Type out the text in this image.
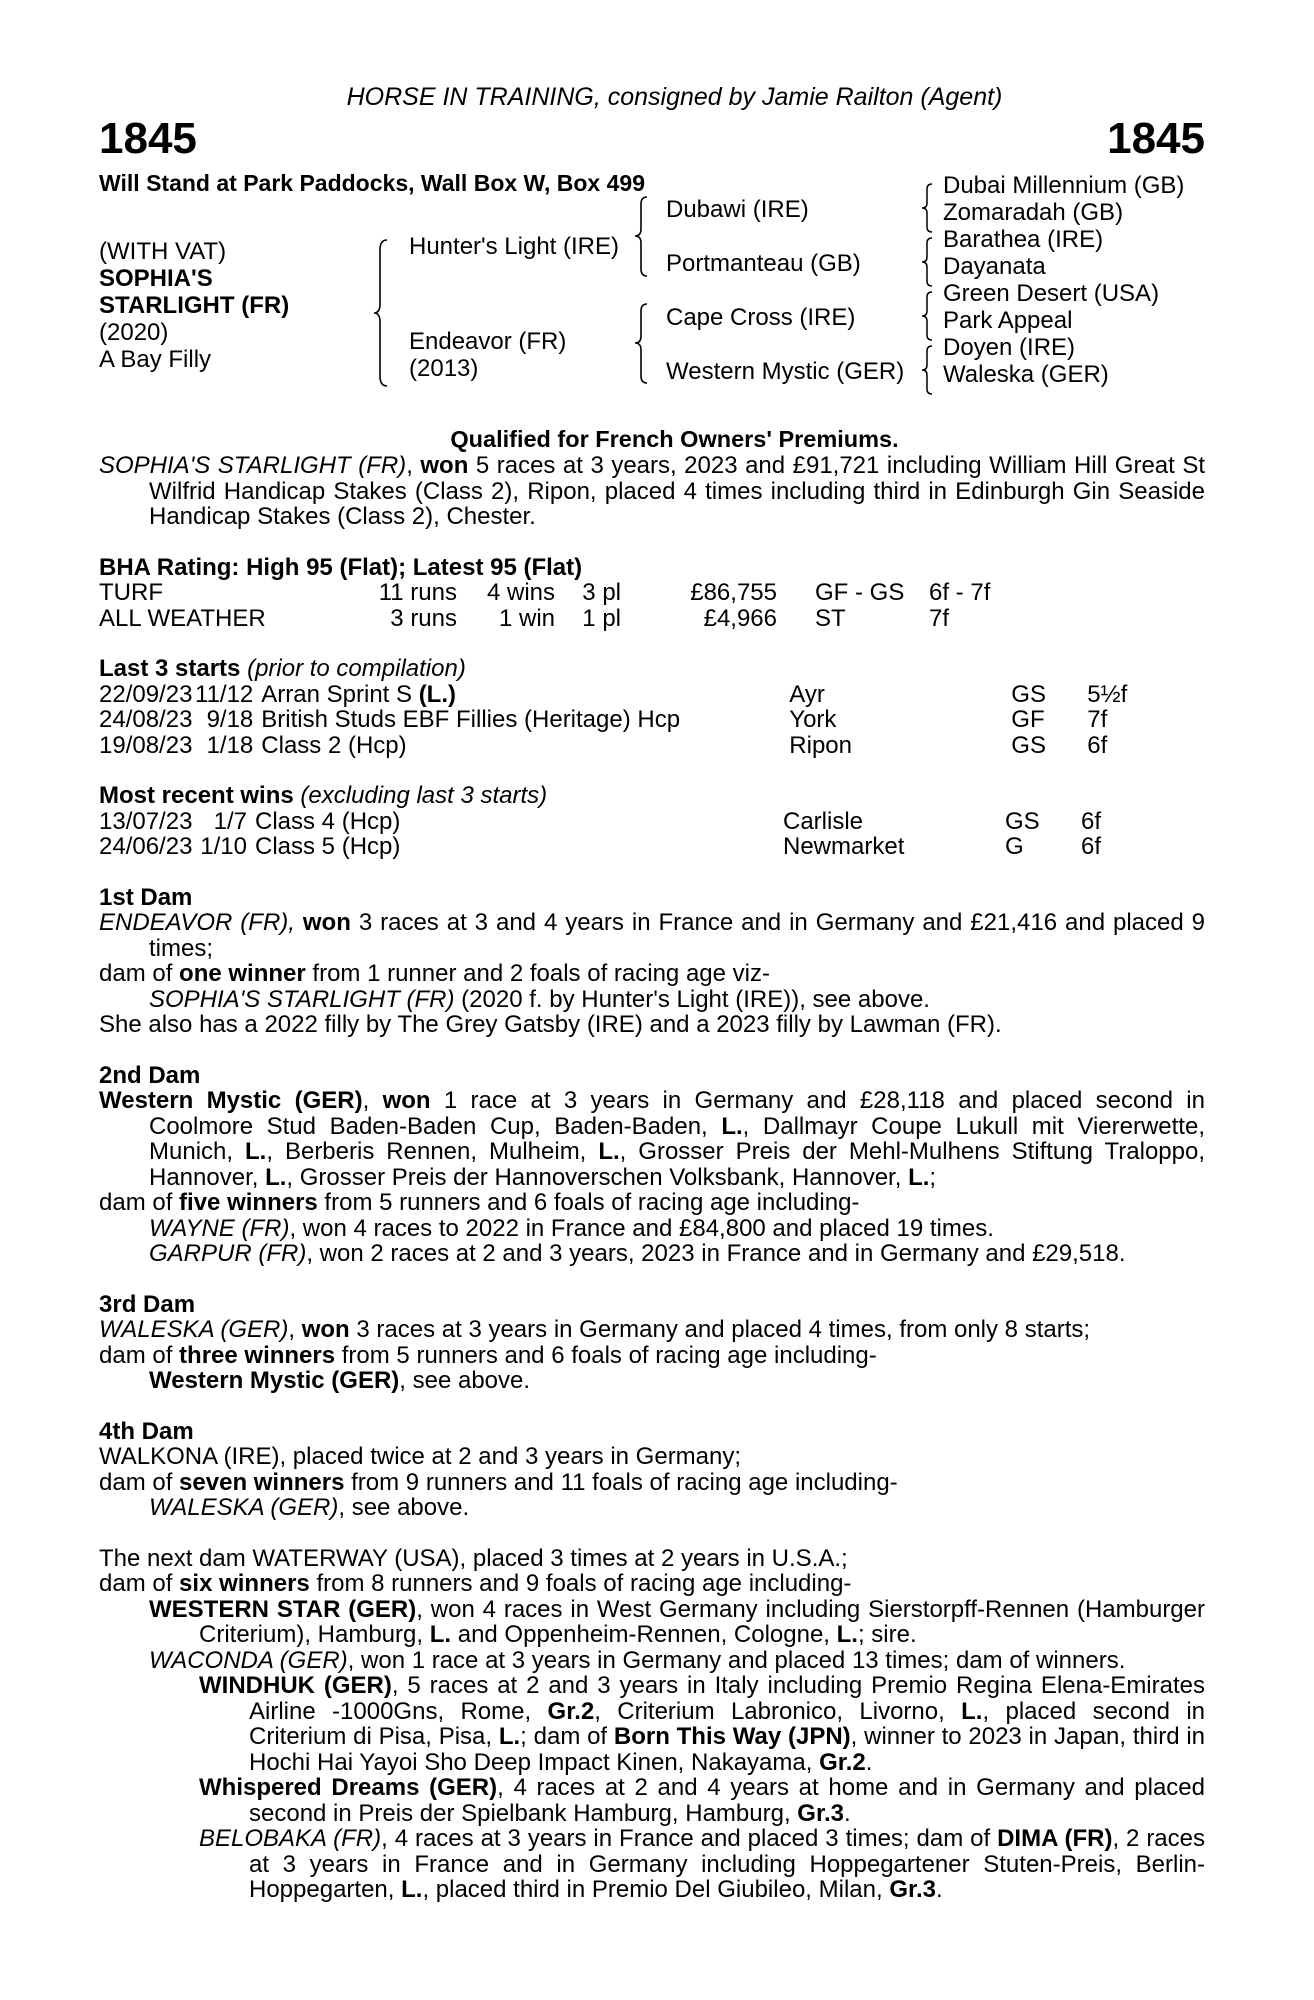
HORSE IN TRAINING, consigned by Jamie Railton (Agent)
1845	1845
Will Stand at Park Paddocks, Wall Box W, Box 499
(WITH VAT)
SOPHIA'S
STARLIGHT (FR)
(2020)
A Bay Filly
Hunter's Light (IRE)
Endeavor (FR)
(2013)
Dubawi (IRE)
Portmanteau (GB)
Cape Cross (IRE)
Western Mystic (GER)
Dubai Millennium (GB)
Zomaradah (GB)
Barathea (IRE)
Dayanata
Green Desert (USA)
Park Appeal
Doyen (IRE)
Waleska (GER)
Qualified for French Owners' Premiums.
SOPHIA'S STARLIGHT (FR), won 5 races at 3 years, 2023 and £91,721 including William Hill Great St Wilfrid Handicap Stakes (Class 2), Ripon, placed 4 times including third in Edinburgh Gin Seaside Handicap Stakes (Class 2), Chester.
BHA Rating: High 95 (Flat); Latest 95 (Flat)
TURF	11 runs	4 wins	3 pl	£86,755	GF - GS	6f - 7f
ALL WEATHER	3 runs	1 win	1 pl	£4,966	ST	7f
Last 3 starts (prior to compilation)
22/09/23	11/12	Arran Sprint S (L.)	Ayr	GS	5½f
24/08/23	9/18	British Studs EBF Fillies (Heritage) Hcp	York	GF	7f
19/08/23	1/18	Class 2 (Hcp)	Ripon	GS	6f
Most recent wins (excluding last 3 starts)
13/07/23	1/7	Class 4 (Hcp)	Carlisle	GS	6f
24/06/23	1/10	Class 5 (Hcp)	Newmarket	G	6f
1st Dam
ENDEAVOR (FR), won 3 races at 3 and 4 years in France and in Germany and £21,416 and placed 9 times;
dam of one winner from 1 runner and 2 foals of racing age viz-
SOPHIA'S STARLIGHT (FR) (2020 f. by Hunter's Light (IRE)), see above.
She also has a 2022 filly by The Grey Gatsby (IRE) and a 2023 filly by Lawman (FR).
2nd Dam
Western Mystic (GER), won 1 race at 3 years in Germany and £28,118 and placed second in Coolmore Stud Baden-Baden Cup, Baden-Baden, L., Dallmayr Coupe Lukull mit Viererwette, Munich, L., Berberis Rennen, Mulheim, L., Grosser Preis der Mehl-Mulhens Stiftung Traloppo, Hannover, L., Grosser Preis der Hannoverschen Volksbank, Hannover, L.;
dam of five winners from 5 runners and 6 foals of racing age including-
WAYNE (FR), won 4 races to 2022 in France and £84,800 and placed 19 times.
GARPUR (FR), won 2 races at 2 and 3 years, 2023 in France and in Germany and £29,518.
3rd Dam
WALESKA (GER), won 3 races at 3 years in Germany and placed 4 times, from only 8 starts;
dam of three winners from 5 runners and 6 foals of racing age including-
Western Mystic (GER), see above.
4th Dam
WALKONA (IRE), placed twice at 2 and 3 years in Germany;
dam of seven winners from 9 runners and 11 foals of racing age including-
WALESKA (GER), see above.
The next dam WATERWAY (USA), placed 3 times at 2 years in U.S.A.;
dam of six winners from 8 runners and 9 foals of racing age including-
WESTERN STAR (GER), won 4 races in West Germany including Sierstorpff-Rennen (Hamburger Criterium), Hamburg, L. and Oppenheim-Rennen, Cologne, L.; sire.
WACONDA (GER), won 1 race at 3 years in Germany and placed 13 times; dam of winners.
WINDHUK (GER), 5 races at 2 and 3 years in Italy including Premio Regina Elena-Emirates Airline -1000Gns, Rome, Gr.2, Criterium Labronico, Livorno, L., placed second in Criterium di Pisa, Pisa, L.; dam of Born This Way (JPN), winner to 2023 in Japan, third in Hochi Hai Yayoi Sho Deep Impact Kinen, Nakayama, Gr.2.
Whispered Dreams (GER), 4 races at 2 and 4 years at home and in Germany and placed second in Preis der Spielbank Hamburg, Hamburg, Gr.3.
BELOBAKA (FR), 4 races at 3 years in France and placed 3 times; dam of DIMA (FR), 2 races at 3 years in France and in Germany including Hoppegartener Stuten-Preis, Berlin-Hoppegarten, L., placed third in Premio Del Giubileo, Milan, Gr.3.
